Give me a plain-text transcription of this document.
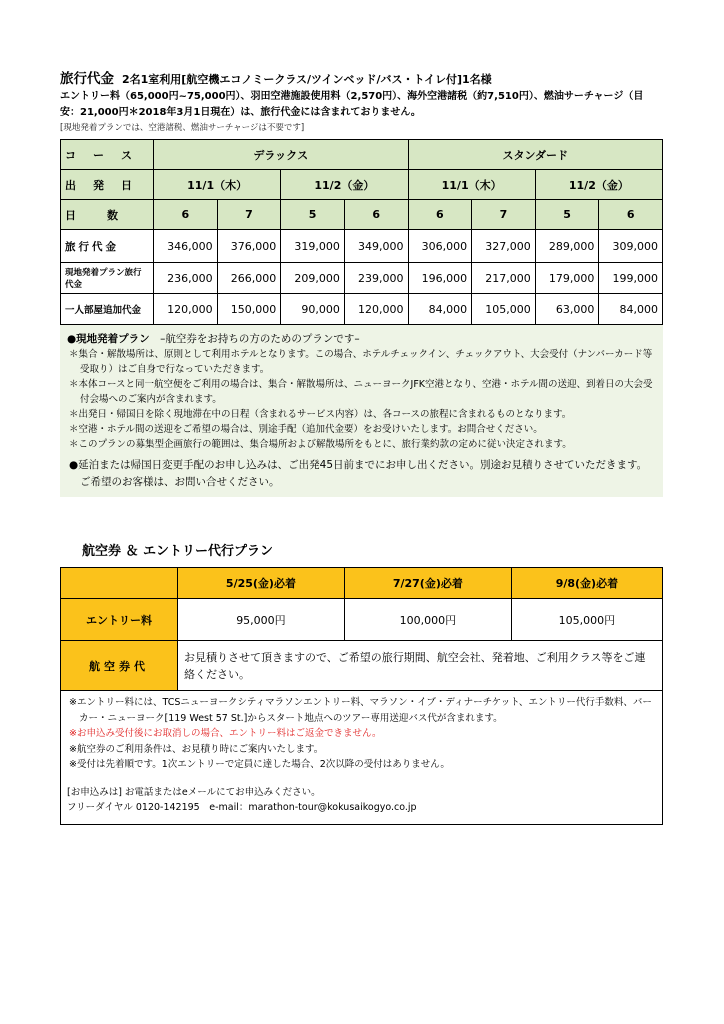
旅行代金 2名1室利用[航空機エコノミークラス/ツインベッド/バス・トイレ付]1名様
エントリー料（65,000円~75,000円）、羽田空港施設使用料（2,570円）、海外空港諸税（約7,510円）、燃油サーチャージ（目
安：21,000円＊2018年3月1日現在）は、旅行代金には含まれておりません。
[現地発着プランでは、空港諸税、燃油サーチャージは不要です]
コ　ー　ス	デラックス				スタンダード			
出　発　日	11/1（木）		11/2（金）		11/1（木）		11/2（金）	
日　　数	6	7	5	6	6	7	5	6
旅行代金	346,000	376,000	319,000	349,000	306,000	327,000	289,000	309,000
現地発着プラン旅行代金	236,000	266,000	209,000	239,000	196,000	217,000	179,000	199,000
一人部屋追加代金	120,000	150,000	90,000	120,000	84,000	105,000	63,000	84,000
●現地発着プラン　–航空券をお持ちの方のためのプランです–
＊集合・解散場所は、原則として利用ホテルとなります。この場合、ホテルチェックイン、チェックアウト、大会受付（ナンバーカード等受取り）はご自身で行なっていただきます。
＊本体コースと同一航空便をご利用の場合は、集合・解散場所は、ニューヨークJFK空港となり、空港・ホテル間の送迎、到着日の大会受付会場へのご案内が含まれます。
＊出発日・帰国日を除く現地滞在中の日程（含まれるサービス内容）は、各コースの旅程に含まれるものとなります。
＊空港・ホテル間の送迎をご希望の場合は、別途手配（追加代金要）をお受けいたします。お問合せください。
＊このプランの募集型企画旅行の範囲は、集合場所および解散場所をもとに、旅行業約款の定めに従い決定されます。
●延泊または帰国日変更手配のお申し込みは、ご出発45日前までにお申し出ください。別途お見積りさせていただきます。ご希望のお客様は、お問い合せください。
航空券 ＆ エントリー代行プラン
	5/25(金)必着	7/27(金)必着	9/8(金)必着
エントリー料	95,000円	100,000円	105,000円
航空券代	お見積りさせて頂きますので、ご希望の旅行期間、航空会社、発着地、ご利用クラス等をご連絡ください。		
※エントリー料には、TCSニューヨークシティマラソンエントリー料、マラソン・イブ・ディナーチケット、エントリー代行手数料、バーカー・ニューヨーク[119 West 57 St.]からスタート地点へのツアー専用送迎バス代が含まれます。
※お申込み受付後にお取消しの場合、エントリー料はご返金できません。
※航空券のご利用条件は、お見積り時にご案内いたします。
※受付は先着順です。1次エントリーで定員に達した場合、2次以降の受付はありません。
[お申込みは] お電話またはeメールにてお申込みください。
フリーダイヤル 0120-142195　e-mail：marathon-tour@kokusaikogyo.co.jp
